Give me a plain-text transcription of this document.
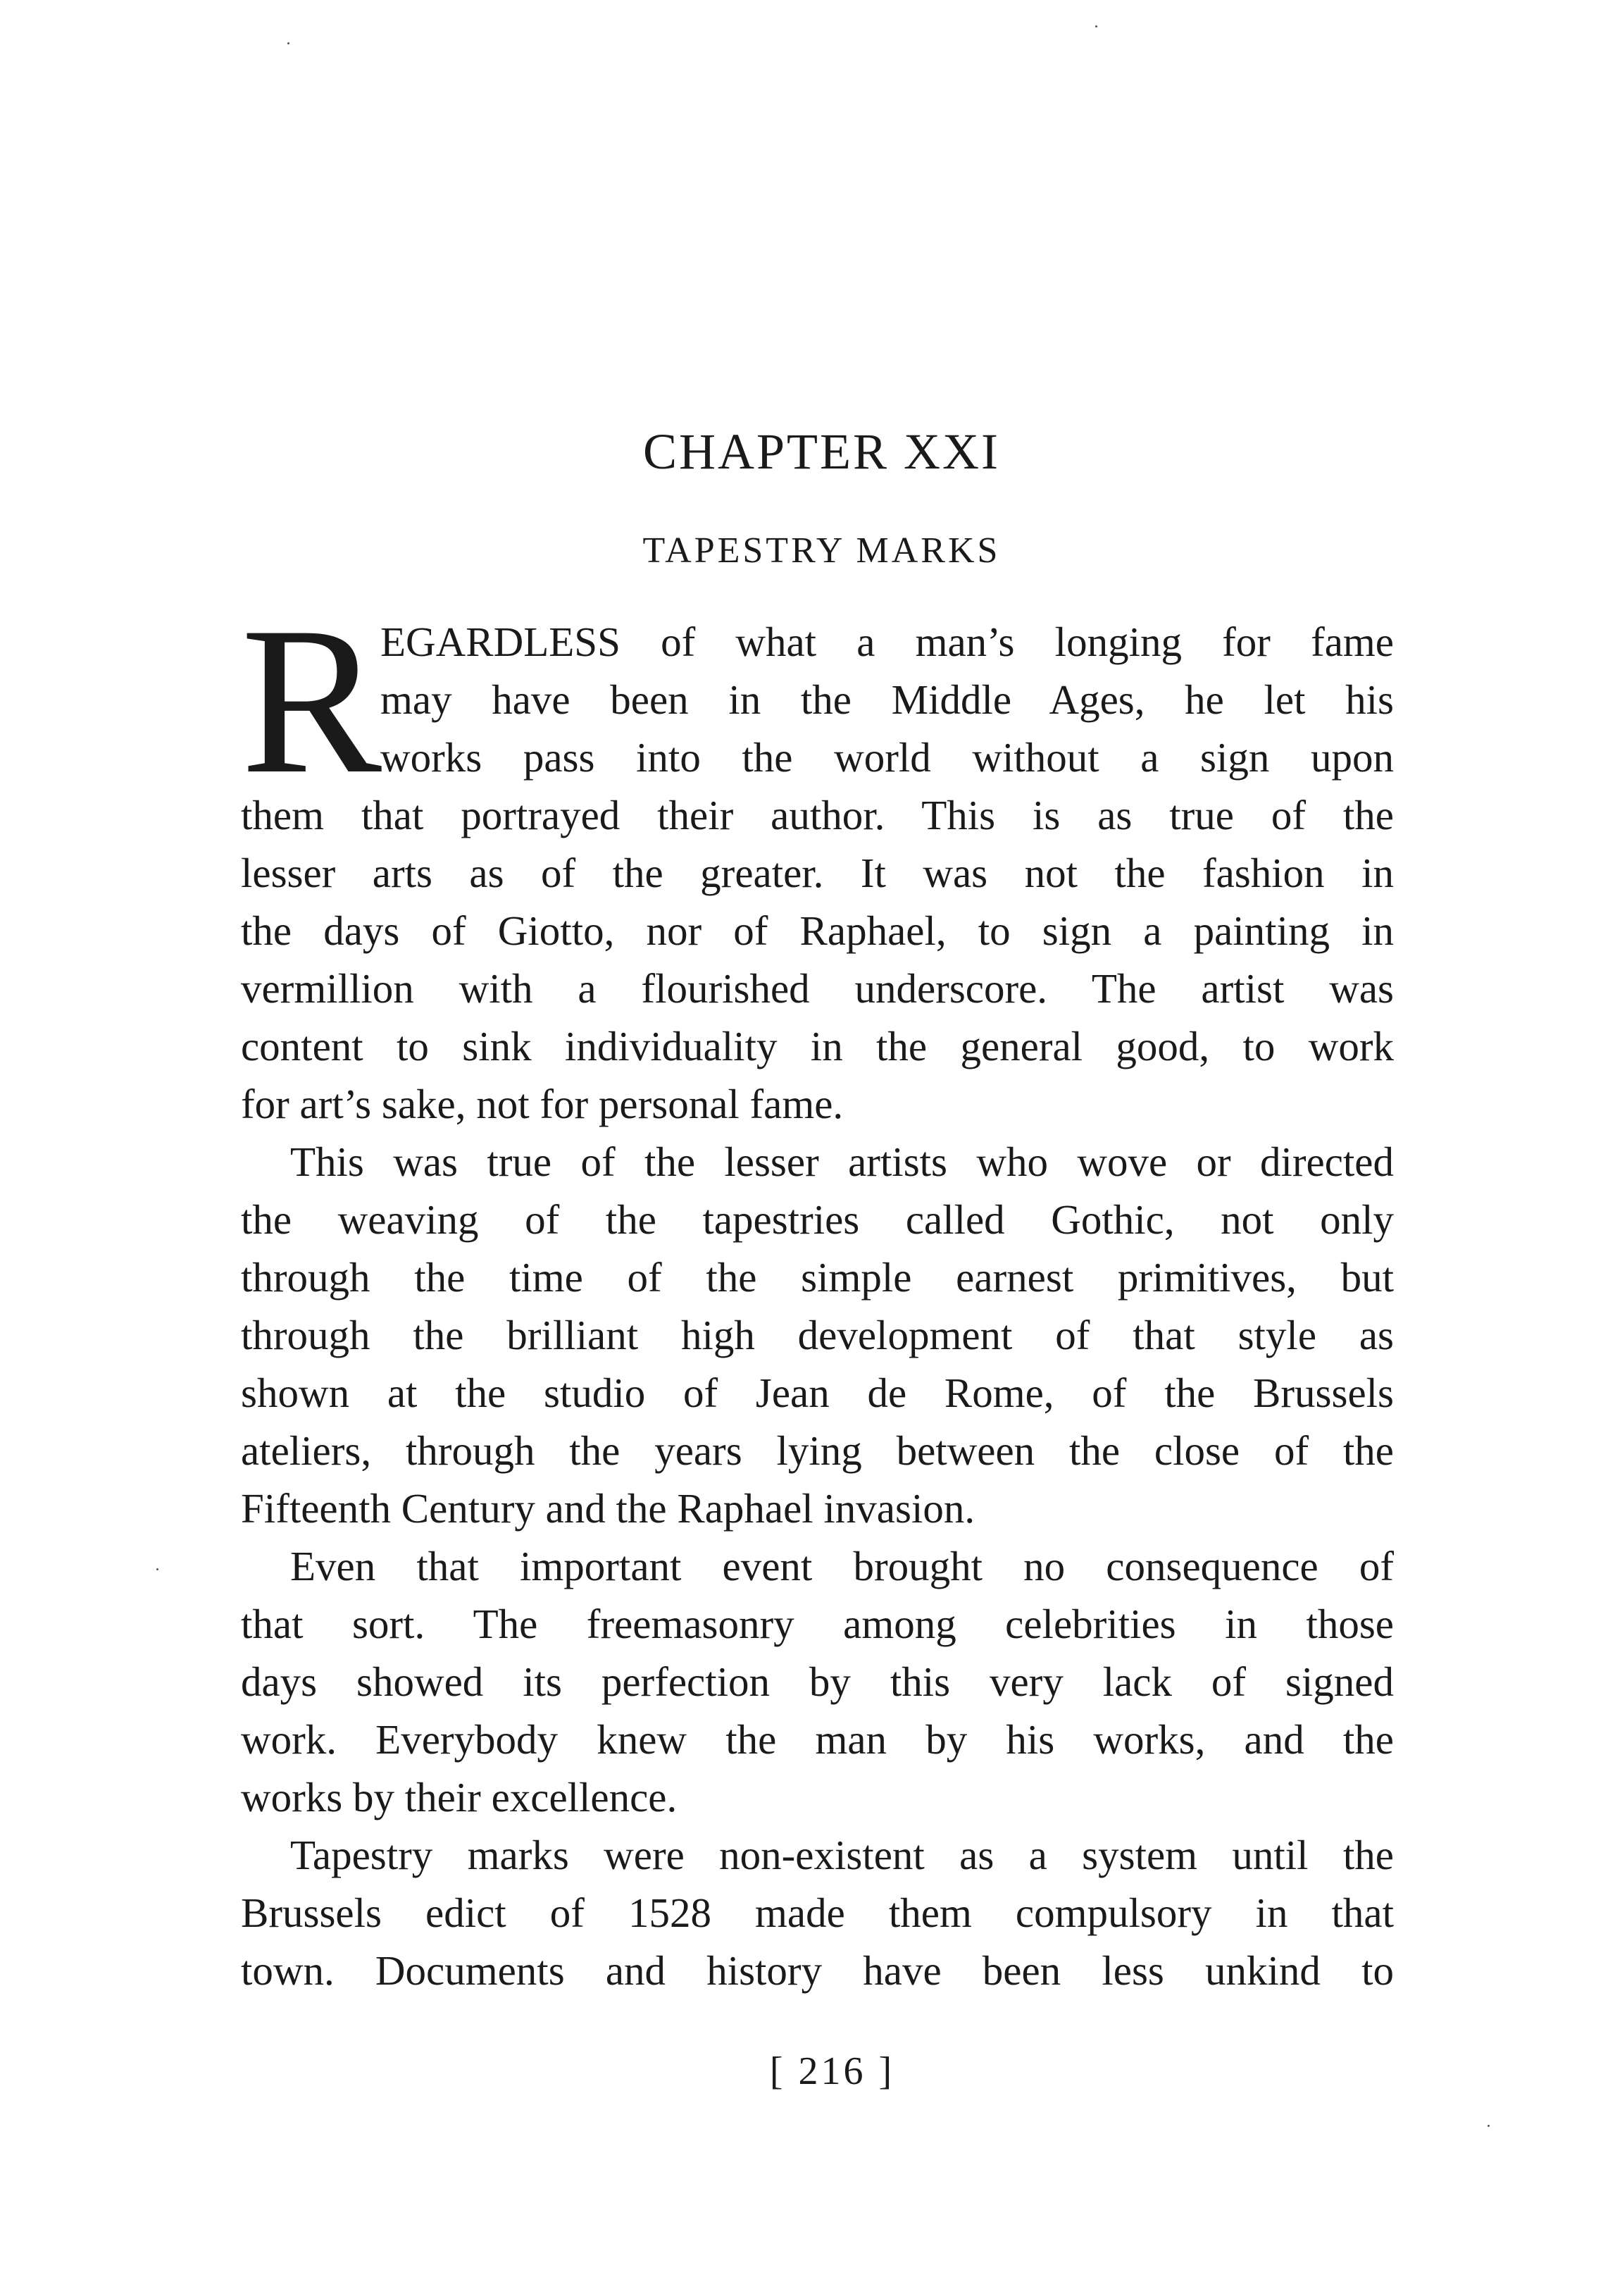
CHAPTER XXI
TAPESTRY MARKS
R
EGARDLESS of what a man’s longing for fame
may have been in the Middle Ages, he let his
works pass into the world without a sign upon
them that portrayed their author. This is as true of the
lesser arts as of the greater. It was not the fashion in
the days of Giotto, nor of Raphael, to sign a painting in
vermillion with a flourished underscore. The artist was
content to sink individuality in the general good, to work
for art’s sake, not for personal fame.
This was true of the lesser artists who wove or directed
the weaving of the tapestries called Gothic, not only
through the time of the simple earnest primitives, but
through the brilliant high development of that style as
shown at the studio of Jean de Rome, of the Brussels
ateliers, through the years lying between the close of the
Fifteenth Century and the Raphael invasion.
Even that important event brought no consequence of
that sort. The freemasonry among celebrities in those
days showed its perfection by this very lack of signed
work. Everybody knew the man by his works, and the
works by their excellence.
Tapestry marks were non-existent as a system until the
Brussels edict of 1528 made them compulsory in that
town. Documents and history have been less unkind to
[ 216 ]
